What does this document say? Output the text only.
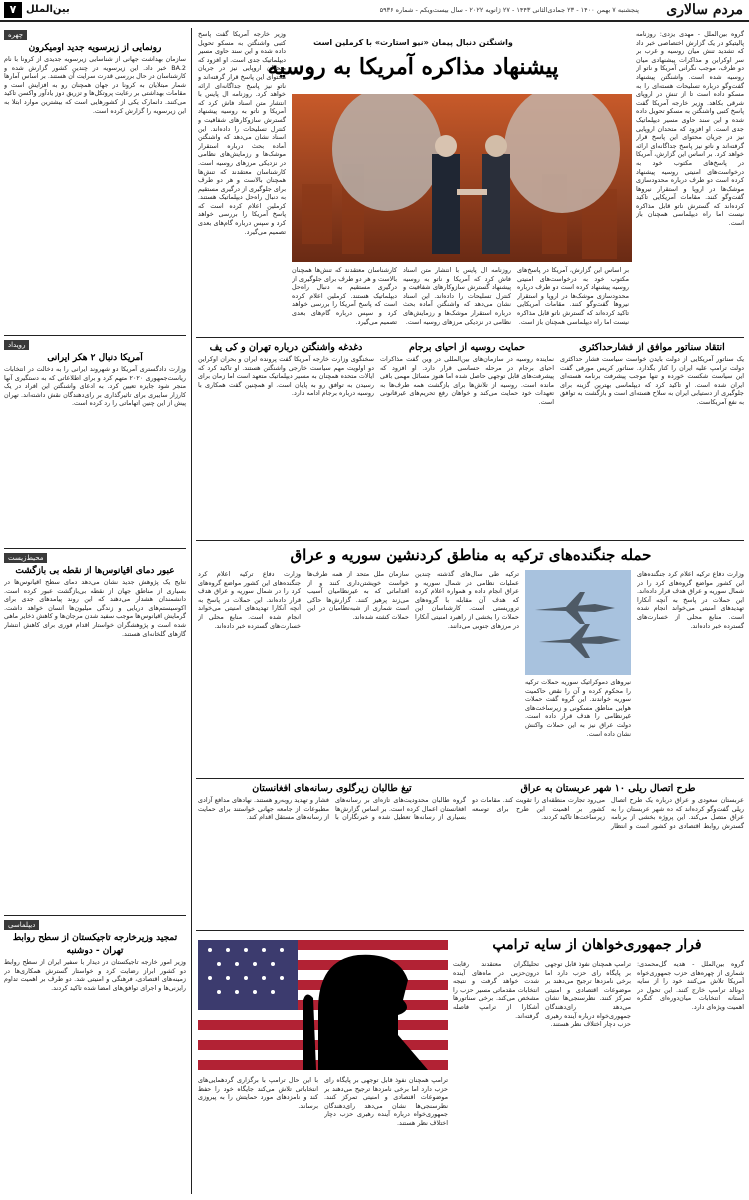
مردم سالاری
پنجشنبه ۷ بهمن ۱۴۰۰ - ۲۳ جمادی‌الثانی ۱۴۴۳ - ۲۷ ژانویه ۲۰۲۲ - سال بیست‌ویکم - شماره ۵۹۳۶
بین‌الملل
۷
واشنگتن دنبال پیمان «نیو استارت» با کرملین است
پیشنهاد مذاکره آمریکا به روسیه
گروه بین‌الملل - مهدی یزدی: روزنامه پالیتیکو در یک گزارش اختصاصی خبر داد که تشدید تنش میان روسیه و غرب بر سر اوکراین و مذاکرات پیشنهادی میان دو طرف، موجب نگرانی آمریکا و ناتو از روسیه شده است. واشنگتن پیشنهاد گفت‌وگو درباره تسلیحات هسته‌ای را به مسکو داده است تا از تنش در اروپای شرقی بکاهد. وزیر خارجه آمریکا گفت پاسخ کتبی واشنگتن به مسکو تحویل داده شده و این سند حاوی مسیر دیپلماتیک جدی است. او افزود که متحدان اروپایی نیز در جریان محتوای این پاسخ قرار گرفته‌اند و ناتو نیز پاسخ جداگانه‌ای ارائه خواهد کرد. بر اساس این گزارش، آمریکا در پاسخ‌های مکتوب خود به درخواست‌های امنیتی روسیه پیشنهاد کرده است دو طرف درباره محدودسازی موشک‌ها در اروپا و استقرار نیروها گفت‌وگو کنند. مقامات آمریکایی تاکید کرده‌اند که گسترش ناتو قابل مذاکره نیست اما راه دیپلماسی همچنان باز است.
وزیر خارجه آمریکا گفت پاسخ کتبی واشنگتن به مسکو تحویل داده شده و این سند حاوی مسیر دیپلماتیک جدی است. او افزود که متحدان اروپایی نیز در جریان محتوای این پاسخ قرار گرفته‌اند و ناتو نیز پاسخ جداگانه‌ای ارائه خواهد کرد. روزنامه ال پایس با انتشار متن اسناد فاش کرد که آمریکا و ناتو به روسیه پیشنهاد گسترش سازوکارهای شفافیت و کنترل تسلیحات را داده‌اند. این اسناد نشان می‌دهد که واشنگتن آماده بحث درباره استقرار موشک‌ها و رزمایش‌های نظامی در نزدیکی مرزهای روسیه است. کارشناسان معتقدند که تنش‌ها همچنان بالاست و هر دو طرف برای جلوگیری از درگیری مستقیم به دنبال راه‌حل دیپلماتیک هستند. کرملین اعلام کرده است که پاسخ آمریکا را بررسی خواهد کرد و سپس درباره گام‌های بعدی تصمیم می‌گیرد.
کارشناسان معتقدند که تنش‌ها همچنان بالاست و هر دو طرف برای جلوگیری از درگیری مستقیم به دنبال راه‌حل دیپلماتیک هستند. کرملین اعلام کرده است که پاسخ آمریکا را بررسی خواهد کرد و سپس درباره گام‌های بعدی تصمیم می‌گیرد.
روزنامه ال پایس با انتشار متن اسناد فاش کرد که آمریکا و ناتو به روسیه پیشنهاد گسترش سازوکارهای شفافیت و کنترل تسلیحات را داده‌اند. این اسناد نشان می‌دهد که واشنگتن آماده بحث درباره استقرار موشک‌ها و رزمایش‌های نظامی در نزدیکی مرزهای روسیه است.
بر اساس این گزارش، آمریکا در پاسخ‌های مکتوب خود به درخواست‌های امنیتی روسیه پیشنهاد کرده است دو طرف درباره محدودسازی موشک‌ها در اروپا و استقرار نیروها گفت‌وگو کنند. مقامات آمریکایی تاکید کرده‌اند که گسترش ناتو قابل مذاکره نیست اما راه دیپلماسی همچنان باز است.
انتقاد سناتور موافق از فشارحداکثری
یک سناتور آمریکایی از دولت بایدن خواست سیاست فشار حداکثری دولت ترامپ علیه ایران را کنار بگذارد. سناتور کریس مورفی گفت این سیاست شکست خورده و تنها موجب پیشرفت برنامه هسته‌ای ایران شده است. او تاکید کرد که دیپلماسی بهترین گزینه برای جلوگیری از دستیابی ایران به سلاح هسته‌ای است و بازگشت به توافق به نفع آمریکاست.
حمایت روسیه از احیای برجام
نماینده روسیه در سازمان‌های بین‌المللی در وین گفت مذاکرات احیای برجام در مرحله حساسی قرار دارد. او افزود که پیشرفت‌های قابل توجهی حاصل شده اما هنوز مسائل مهمی باقی مانده است. روسیه از تلاش‌ها برای بازگشت همه طرف‌ها به تعهدات خود حمایت می‌کند و خواهان رفع تحریم‌های غیرقانونی است.
دغدغه واشنگتن درباره تهران و کی یف
سخنگوی وزارت خارجه آمریکا گفت پرونده ایران و بحران اوکراین دو اولویت مهم سیاست خارجی واشنگتن هستند. او تاکید کرد که ایالات متحده همچنان به مسیر دیپلماتیک متعهد است اما زمان برای رسیدن به توافق رو به پایان است. او همچنین گفت همکاری با روسیه درباره برجام ادامه دارد.
حمله جنگنده‌های ترکیه به مناطق کردنشین سوریه و عراق
وزارت دفاع ترکیه اعلام کرد جنگنده‌های این کشور مواضع گروه‌های کرد را در شمال سوریه و عراق هدف قرار داده‌اند. این حملات در پاسخ به آنچه آنکارا تهدیدهای امنیتی می‌خواند انجام شده است. منابع محلی از خسارت‌های گسترده خبر داده‌اند.
نیروهای دموکراتیک سوریه حملات ترکیه را محکوم کرده و آن را نقض حاکمیت سوریه خواندند. این گروه گفت حملات هوایی مناطق مسکونی و زیرساخت‌های غیرنظامی را هدف قرار داده است. دولت عراق نیز به این حملات واکنش نشان داده است.
ترکیه طی سال‌های گذشته چندین عملیات نظامی در شمال سوریه و عراق انجام داده و همواره اعلام کرده که هدف آن مقابله با گروه‌های تروریستی است. کارشناسان این حملات را بخشی از راهبرد امنیتی آنکارا در مرزهای جنوبی می‌دانند.
سازمان ملل متحد از همه طرف‌ها خواست خویشتن‌داری کنند و از اقداماتی که به غیرنظامیان آسیب می‌زند پرهیز کنند. گزارش‌ها حاکی است شماری از شبه‌نظامیان در این حملات کشته شده‌اند.
وزارت دفاع ترکیه اعلام کرد جنگنده‌های این کشور مواضع گروه‌های کرد را در شمال سوریه و عراق هدف قرار داده‌اند. این حملات در پاسخ به آنچه آنکارا تهدیدهای امنیتی می‌خواند انجام شده است. منابع محلی از خسارت‌های گسترده خبر داده‌اند.
طرح اتصال ریلی ۱۰ شهر عربستان به عراق
عربستان سعودی و عراق درباره یک طرح اتصال ریلی گفت‌وگو کرده‌اند که ده شهر عربستان را به عراق متصل می‌کند. این پروژه بخشی از برنامه گسترش روابط اقتصادی دو کشور است و انتظار می‌رود تجارت منطقه‌ای را تقویت کند. مقامات دو کشور بر اهمیت این طرح برای توسعه زیرساخت‌ها تاکید کردند.
تیغ طالبان زیرگلوی رسانه‌های افغانستان
گروه طالبان محدودیت‌های تازه‌ای بر رسانه‌های افغانستان اعمال کرده است. بر اساس گزارش‌ها بسیاری از رسانه‌ها تعطیل شده و خبرنگاران با فشار و تهدید روبه‌رو هستند. نهادهای مدافع آزادی مطبوعات از جامعه جهانی خواستند برای حمایت از رسانه‌های مستقل اقدام کند.
فرار جمهوری‌خواهان از سایه ترامپ
گروه بین‌الملل - هدیه گل‌محمدی: شماری از چهره‌های حزب جمهوری‌خواه آمریکا تلاش می‌کنند خود را از سایه دونالد ترامپ خارج کنند. این تحول در آستانه انتخابات میان‌دوره‌ای کنگره اهمیت ویژه‌ای دارد.
ترامپ همچنان نفوذ قابل توجهی بر پایگاه رای حزب دارد اما برخی نامزدها ترجیح می‌دهند بر موضوعات اقتصادی و امنیتی تمرکز کنند. نظرسنجی‌ها نشان می‌دهد رای‌دهندگان جمهوری‌خواه درباره آینده رهبری حزب دچار اختلاف نظر هستند.
تحلیلگران معتقدند رقابت درون‌حزبی در ماه‌های آینده شدت خواهد گرفت و نتیجه انتخابات مقدماتی مسیر حزب را مشخص می‌کند. برخی سناتورها آشکارا از ترامپ فاصله گرفته‌اند.
با این حال ترامپ با برگزاری گردهمایی‌های انتخاباتی تلاش می‌کند جایگاه خود را حفظ کند و نامزدهای مورد حمایتش را به پیروزی برساند.
ترامپ همچنان نفوذ قابل توجهی بر پایگاه رای حزب دارد اما برخی نامزدها ترجیح می‌دهند بر موضوعات اقتصادی و امنیتی تمرکز کنند. نظرسنجی‌ها نشان می‌دهد رای‌دهندگان جمهوری‌خواه درباره آینده رهبری حزب دچار اختلاف نظر هستند.
چهره
رونمایی از زیرسویه جدید اومیکرون
سازمان بهداشت جهانی از شناسایی زیرسویه جدیدی از کرونا با نام BA.2 خبر داد. این زیرسویه در چندین کشور گزارش شده و کارشناسان در حال بررسی قدرت سرایت آن هستند. بر اساس آمارها شمار مبتلایان به کرونا در جهان همچنان رو به افزایش است و مقامات بهداشتی بر رعایت پروتکل‌ها و تزریق دوز یادآور واکسن تاکید می‌کنند. دانمارک یکی از کشورهایی است که بیشترین موارد ابتلا به این زیرسویه را گزارش کرده است.
رویداد
آمریکا دنبال ۲ هکر ایرانی
وزارت دادگستری آمریکا دو شهروند ایرانی را به دخالت در انتخابات ریاست‌جمهوری ۲۰۲۰ متهم کرد و برای اطلاعاتی که به دستگیری آنها منجر شود جایزه تعیین کرد. به ادعای واشنگتن این افراد در یک کارزار سایبری برای تاثیرگذاری بر رای‌دهندگان نقش داشته‌اند. تهران پیش از این چنین اتهاماتی را رد کرده است.
محیط‌زیست
عبور دمای اقیانوس‌ها از نقطه بی بازگشت
نتایج یک پژوهش جدید نشان می‌دهد دمای سطح اقیانوس‌ها در بسیاری از مناطق جهان از نقطه بی‌بازگشت عبور کرده است. دانشمندان هشدار می‌دهند که این روند پیامدهای جدی برای اکوسیستم‌های دریایی و زندگی میلیون‌ها انسان خواهد داشت. گرمایش اقیانوس‌ها موجب سفید شدن مرجان‌ها و کاهش ذخایر ماهی شده است و پژوهشگران خواستار اقدام فوری برای کاهش انتشار گازهای گلخانه‌ای هستند.
دیپلماسی
تمجید وزیرخارجه تاجیکستان از سطح روابط تهران - دوشنبه
وزیر امور خارجه تاجیکستان در دیدار با سفیر ایران از سطح روابط دو کشور ابراز رضایت کرد و خواستار گسترش همکاری‌ها در زمینه‌های اقتصادی، فرهنگی و امنیتی شد. دو طرف بر اهمیت تداوم رایزنی‌ها و اجرای توافق‌های امضا شده تاکید کردند.
